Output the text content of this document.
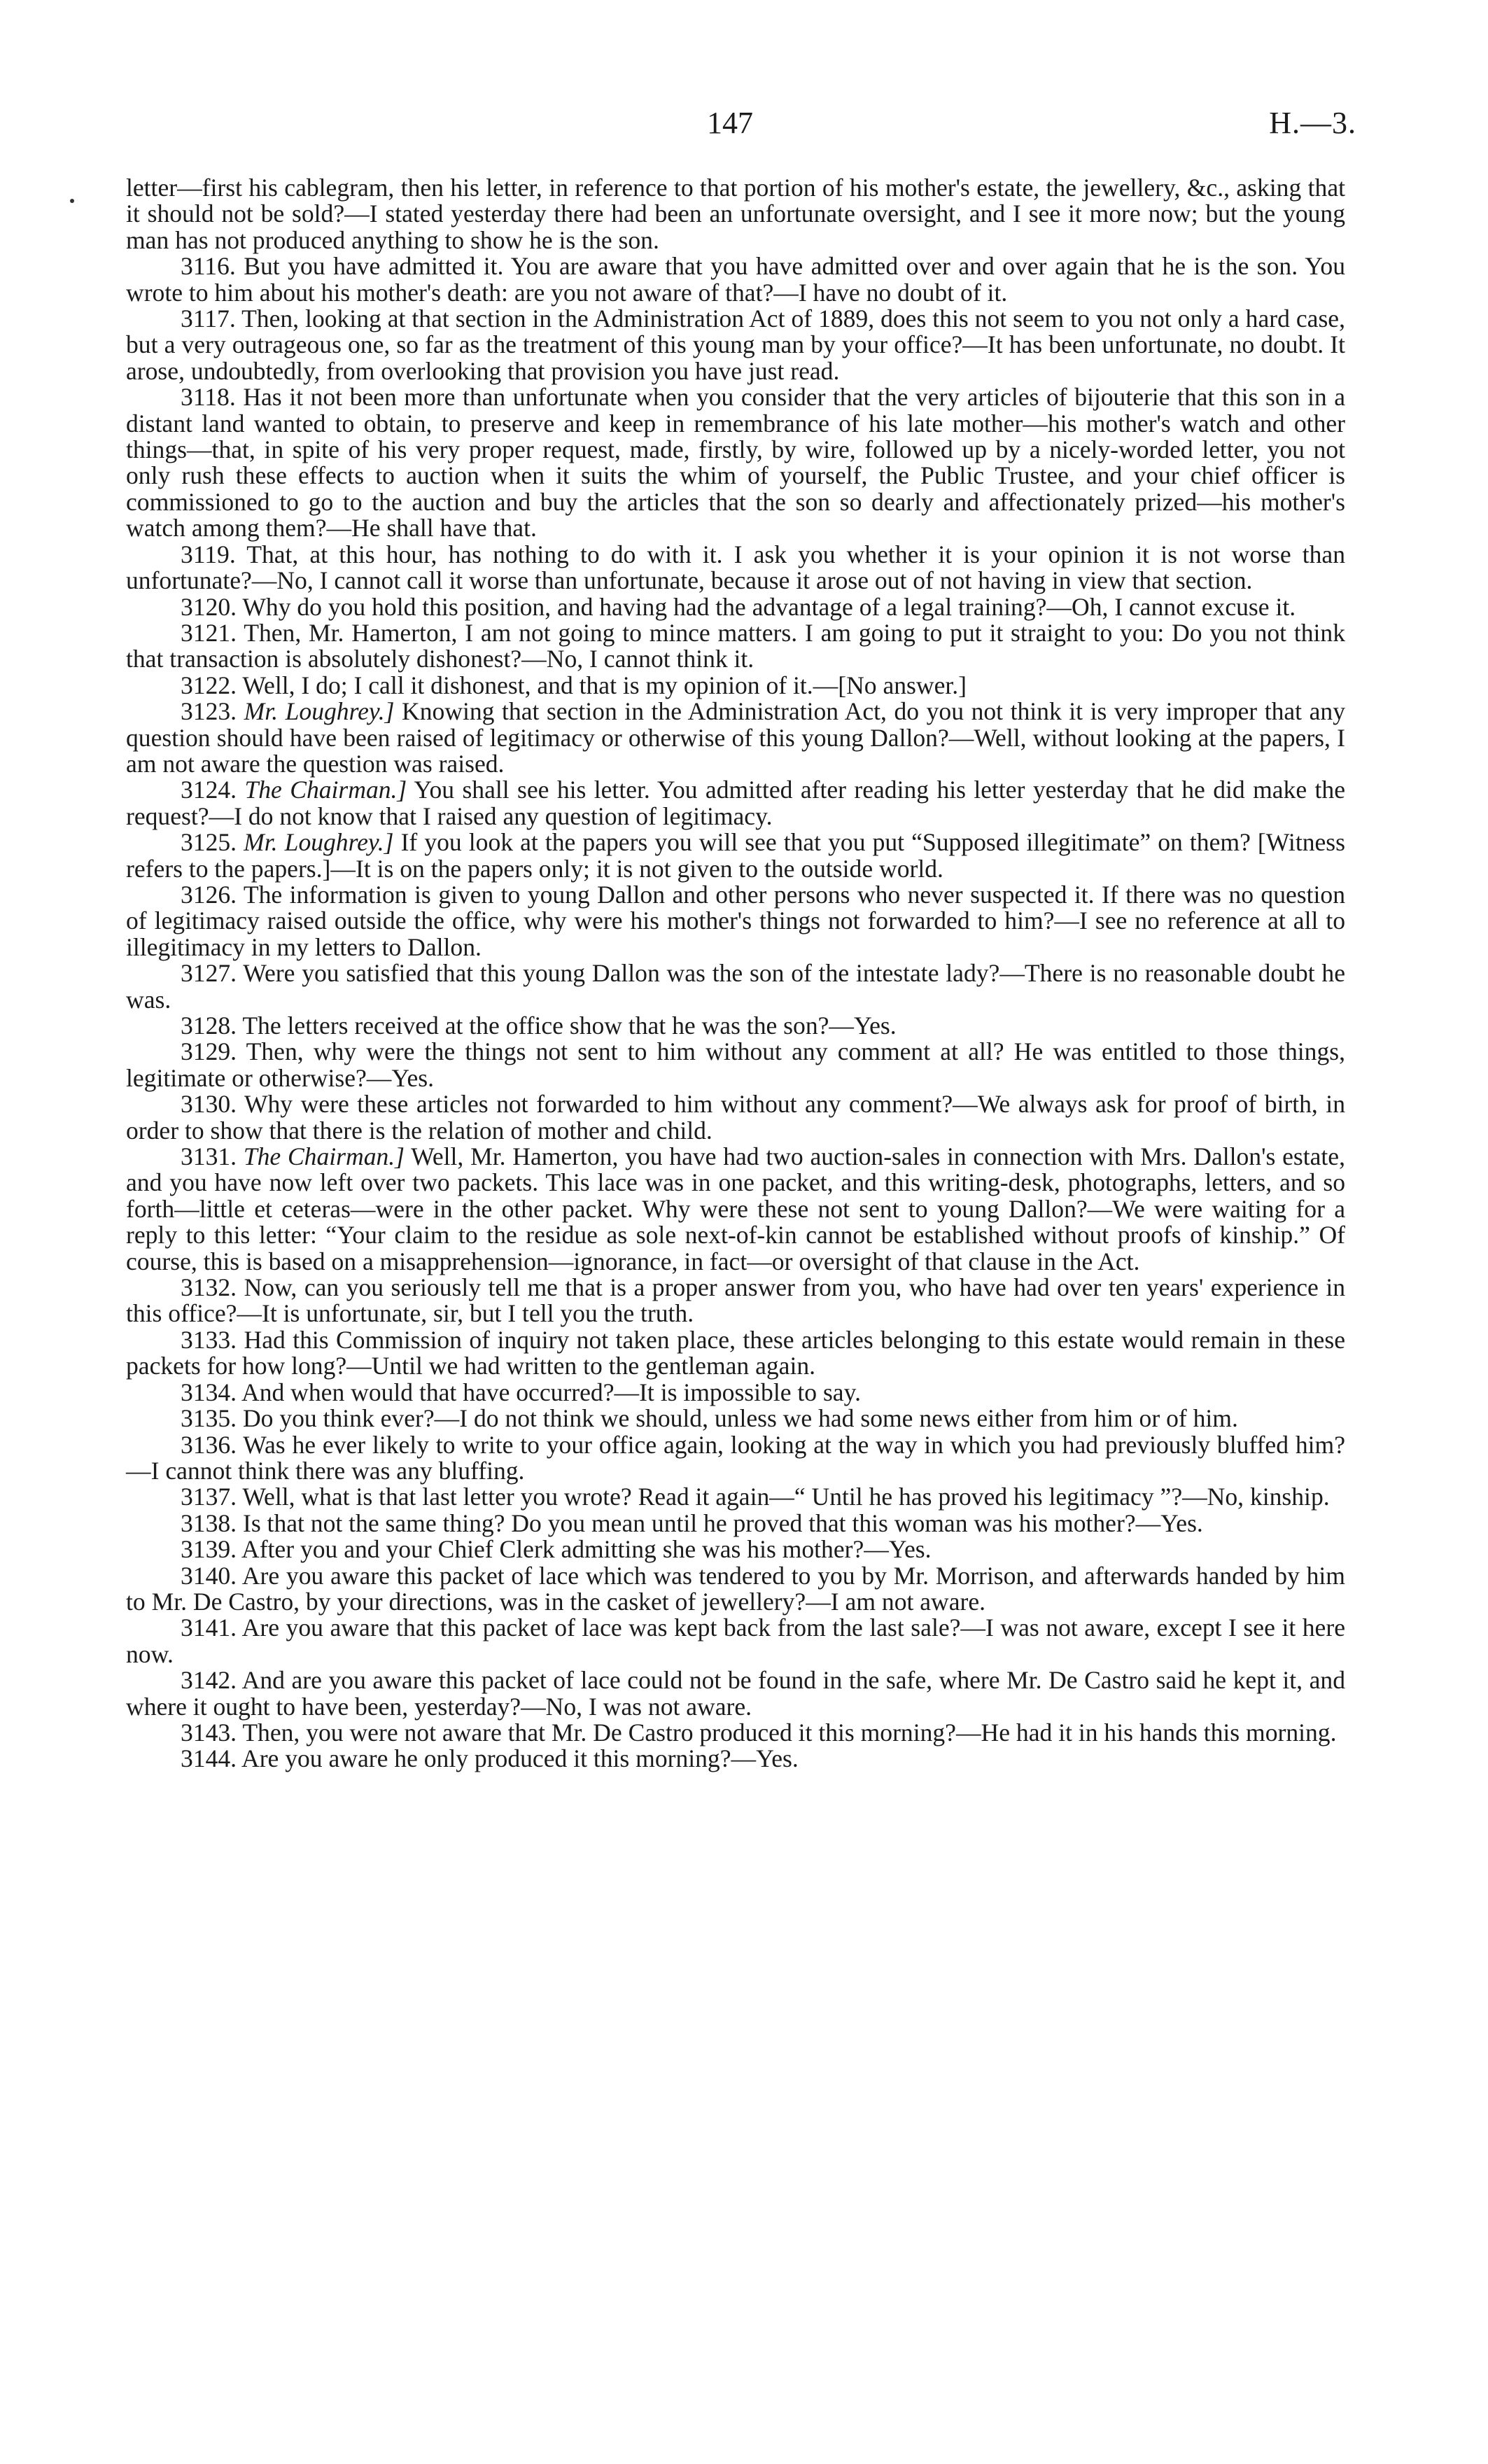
147	H.—3.

letter—first his cablegram, then his letter, in reference to that portion of his mother's estate, the jewellery, &c., asking that it should not be sold?—I stated yesterday there had been an unfortunate oversight, and I see it more now; but the young man has not produced anything to show he is the son.

3116. But you have admitted it. You are aware that you have admitted over and over again that he is the son. You wrote to him about his mother's death: are you not aware of that?—I have no doubt of it.

3117. Then, looking at that section in the Administration Act of 1889, does this not seem to you not only a hard case, but a very outrageous one, so far as the treatment of this young man by your office?—It has been unfortunate, no doubt. It arose, undoubtedly, from overlooking that provision you have just read.

3118. Has it not been more than unfortunate when you consider that the very articles of bijouterie that this son in a distant land wanted to obtain, to preserve and keep in remembrance of his late mother—his mother's watch and other things—that, in spite of his very proper request, made, firstly, by wire, followed up by a nicely-worded letter, you not only rush these effects to auction when it suits the whim of yourself, the Public Trustee, and your chief officer is commissioned to go to the auction and buy the articles that the son so dearly and affectionately prized—his mother's watch among them?—He shall have that.

3119. That, at this hour, has nothing to do with it. I ask you whether it is your opinion it is not worse than unfortunate?—No, I cannot call it worse than unfortunate, because it arose out of not having in view that section.

3120. Why do you hold this position, and having had the advantage of a legal training?—Oh, I cannot excuse it.

3121. Then, Mr. Hamerton, I am not going to mince matters. I am going to put it straight to you: Do you not think that transaction is absolutely dishonest?—No, I cannot think it.

3122. Well, I do; I call it dishonest, and that is my opinion of it.—[No answer.]

3123. Mr. Loughrey.] Knowing that section in the Administration Act, do you not think it is very improper that any question should have been raised of legitimacy or otherwise of this young Dallon?—Well, without looking at the papers, I am not aware the question was raised.

3124. The Chairman.] You shall see his letter. You admitted after reading his letter yesterday that he did make the request?—I do not know that I raised any question of legitimacy.

3125. Mr. Loughrey.] If you look at the papers you will see that you put “Supposed illegitimate” on them? [Witness refers to the papers.]—It is on the papers only; it is not given to the outside world.

3126. The information is given to young Dallon and other persons who never suspected it. If there was no question of legitimacy raised outside the office, why were his mother's things not forwarded to him?—I see no reference at all to illegitimacy in my letters to Dallon.

3127. Were you satisfied that this young Dallon was the son of the intestate lady?—There is no reasonable doubt he was.

3128. The letters received at the office show that he was the son?—Yes.

3129. Then, why were the things not sent to him without any comment at all? He was entitled to those things, legitimate or otherwise?—Yes.

3130. Why were these articles not forwarded to him without any comment?—We always ask for proof of birth, in order to show that there is the relation of mother and child.

3131. The Chairman.] Well, Mr. Hamerton, you have had two auction-sales in connection with Mrs. Dallon's estate, and you have now left over two packets. This lace was in one packet, and this writing-desk, photographs, letters, and so forth—little et ceteras—were in the other packet. Why were these not sent to young Dallon?—We were waiting for a reply to this letter: “Your claim to the residue as sole next-of-kin cannot be established without proofs of kinship.” Of course, this is based on a misapprehension—ignorance, in fact—or oversight of that clause in the Act.

3132. Now, can you seriously tell me that is a proper answer from you, who have had over ten years' experience in this office?—It is unfortunate, sir, but I tell you the truth.

3133. Had this Commission of inquiry not taken place, these articles belonging to this estate would remain in these packets for how long?—Until we had written to the gentleman again.

3134. And when would that have occurred?—It is impossible to say.

3135. Do you think ever?—I do not think we should, unless we had some news either from him or of him.

3136. Was he ever likely to write to your office again, looking at the way in which you had previously bluffed him?—I cannot think there was any bluffing.

3137. Well, what is that last letter you wrote? Read it again—“ Until he has proved his legitimacy ”?—No, kinship.

3138. Is that not the same thing? Do you mean until he proved that this woman was his mother?—Yes.

3139. After you and your Chief Clerk admitting she was his mother?—Yes.

3140. Are you aware this packet of lace which was tendered to you by Mr. Morrison, and afterwards handed by him to Mr. De Castro, by your directions, was in the casket of jewellery?—I am not aware.

3141. Are you aware that this packet of lace was kept back from the last sale?—I was not aware, except I see it here now.

3142. And are you aware this packet of lace could not be found in the safe, where Mr. De Castro said he kept it, and where it ought to have been, yesterday?—No, I was not aware.

3143. Then, you were not aware that Mr. De Castro produced it this morning?—He had it in his hands this morning.

3144. Are you aware he only produced it this morning?—Yes.
